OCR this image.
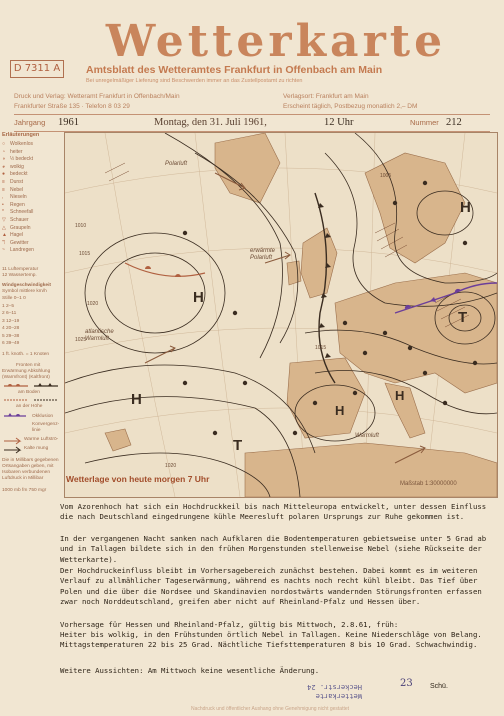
D 7311 A
Wetterkarte
Amtsblatt des Wetteramtes Frankfurt in Offenbach am Main
Bei unregelmäßiger Lieferung sind Beschwerden immer an das Zustellpostamt zu richten
Druck und Verlag: Wetteramt Frankfurt in Offenbach/Main
Frankfurter Straße 135 · Telefon 8 03 29
Verlagsort: Frankfurt am Main
Erscheint täglich, Postbezug monatlich 2,– DM
Jahrgang 1961	Montag, den 31. Juli 1961,	12 Uhr	Nummer 212
Erläuterungen
○ Wolkenlos
◔ heiter
◑ ½ bedeckt
◕ wolkig
● bedeckt
≡ Dunst
≡ Nebel
, Nieseln
• Regen
* Schneefall
▽ Schauer
△ Graupeln
▲ Hagel
ℸ Gewitter
~ Landregen
11 Luftemperatur
12 Wassertemp.
Windgeschwindigkeit
Symbol mittlere km/h
Stille 0–1 0
1 2–5
2 6–11
3 12–19
4 20–28
5 29–38
6 39–49
1 ft. knoth. = 1 Knoten
Fronten mit
Erwärmung Abkühlung
(Warmfront) (Kaltfront)
am Boden
an der Höhe
Okklusion
Konvergenz-
linie
Warme Luftströ-
Kalte mung
Die in Millibars gegebenen
Ortsangaben geben, mit
Isobaren verbundenen
Luftdruck in Millibar
1000 mb fm 750 mgr
Polarluft
erwärmte Polarluft
atlantische Warmluft
Warmluft
H
H
H
T
T
H
H
1020
1015
1010
1025
1005
1015
1020
Wetterlage von heute morgen 7 Uhr	Maßstab 1:30000000
Vom Azorenhoch hat sich ein Hochdruckkeil bis nach Mitteleuropa entwickelt, unter dessen Einfluss die nach Deutschland eingedrungene kühle Meeresluft polaren Ursprungs zur Ruhe gekommen ist.
In der vergangenen Nacht sanken nach Aufklaren die Bodentemperaturen gebietsweise unter 5 Grad ab und in Tallagen bildete sich in den frühen Morgenstunden stellenweise Nebel (siehe Rückseite der Wetterkarte).
Der Hochdruckeinfluss bleibt im Vorhersagebereich zunächst bestehen. Dabei kommt es im weiteren Verlauf zu allmählicher Tageserwärmung, während es nachts noch recht kühl bleibt. Das Tief über Polen und die über die Nordsee und Skandinavien nordostwärts wandernden Störungsfronten erfassen zwar noch Norddeutschland, greifen aber nicht auf Rheinland-Pfalz und Hessen über.
Vorhersage für Hessen und Rheinland-Pfalz, gültig bis Mittwoch, 2.8.61, früh:
Heiter bis wolkig, in den Frühstunden örtlich Nebel in Tallagen. Keine Niederschläge von Belang. Mittagstemperaturen 22 bis 25 Grad. Nächtliche Tiefsttemperaturen 8 bis 10 Grad. Schwachwindig.
Weitere Aussichten: Am Mittwoch keine wesentliche Änderung.
Wetterkarte
Heckerstr. 24	23 Schü.
Nachdruck und öffentlicher Aushang ohne Genehmigung nicht gestattet
